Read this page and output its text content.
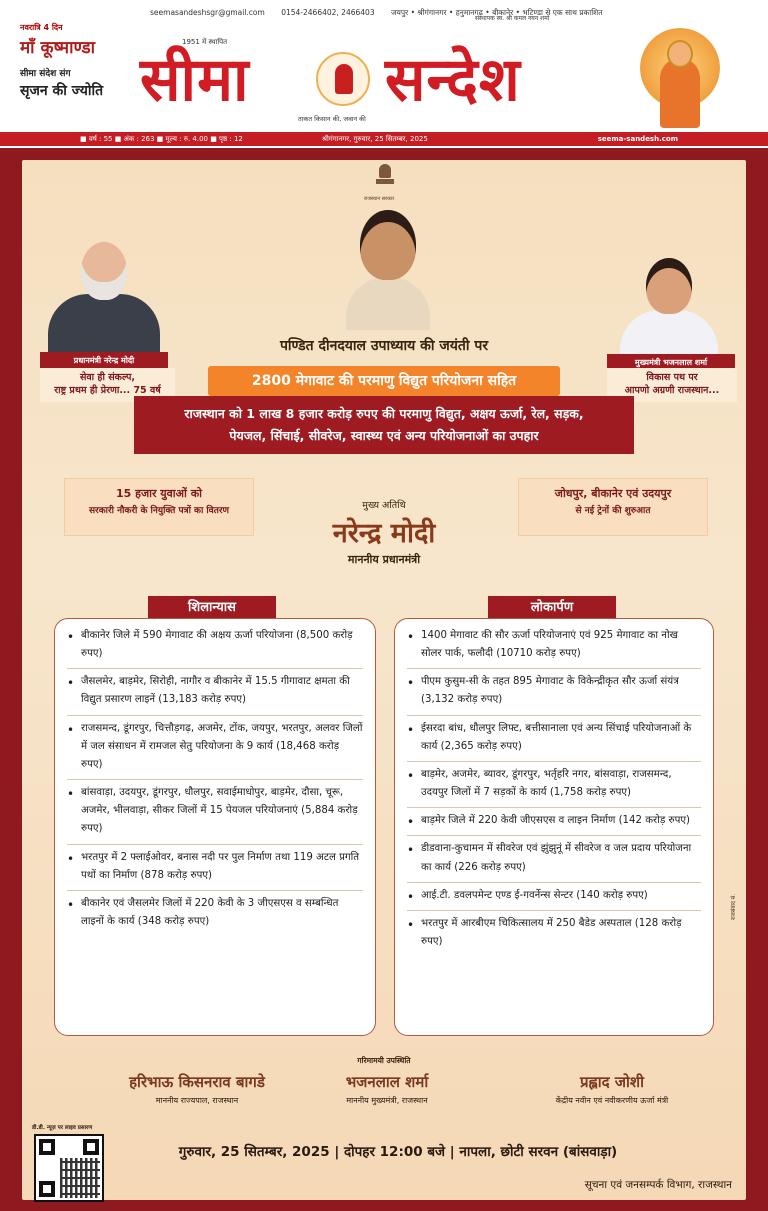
seemasandeshsgr@gmail.com 0154-2466402, 2466403 जयपुर • श्रीगंगानगर • हनुमानगढ़ • बीकानेर • भटिण्डा से एक साथ प्रकाशित
नवरात्रि 4 दिन
माँ कूष्माण्डा
सीमा संदेश संग
सृजन की ज्योति
1951 में स्थापित
सीमा सन्देश
ताकत किसान की, जवान की
संस्थापक स्व. श्री कमल नयन शर्मा
■ वर्ष : 55 ■ अंक : 263 ■ मूल्य : रु. 4.00 ■ पृष्ठ : 12	श्रीगंगानगर, गुरुवार, 25 सितम्बर, 2025	seema-sandesh.com
राजस्थान सरकार
प्रधानमंत्री नरेन्द्र मोदी
सेवा ही संकल्प,
राष्ट्र प्रथम ही प्रेरणा... 75 वर्ष
मुख्यमंत्री भजनलाल शर्मा
विकास पथ पर
आपणो अग्रणी राजस्थान...
पण्डित दीनदयाल उपाध्याय की जयंती पर
2800 मेगावाट की परमाणु विद्युत परियोजना सहित
राजस्थान को 1 लाख 8 हजार करोड़ रुपए की परमाणु विद्युत, अक्षय ऊर्जा, रेल, सड़क,
पेयजल, सिंचाई, सीवरेज, स्वास्थ्य एवं अन्य परियोजनाओं का उपहार
15 हजार युवाओं को
सरकारी नौकरी के नियुक्ति पत्रों का वितरण
जोधपुर, बीकानेर एवं उदयपुर
से नई ट्रेनों की शुरुआत
मुख्य अतिथि
नरेन्द्र मोदी
माननीय प्रधानमंत्री
शिलान्यास	लोकार्पण
• बीकानेर जिले में 590 मेगावाट की अक्षय ऊर्जा परियोजना (8,500 करोड़ रुपए)
• जैसलमेर, बाड़मेर, सिरोही, नागौर व बीकानेर में 15.5 गीगावाट क्षमता की विद्युत प्रसारण लाइनें (13,183 करोड़ रुपए)
• राजसमन्द, डूंगरपुर, चित्तौड़गढ़, अजमेर, टोंक, जयपुर, भरतपुर, अलवर जिलों में जल संसाधन में रामजल सेतु परियोजना के 9 कार्य (18,468 करोड़ रुपए)
• बांसवाड़ा, उदयपुर, डूंगरपुर, धौलपुर, सवाईमाधोपुर, बाड़मेर, दौसा, चूरू, अजमेर, भीलवाड़ा, सीकर जिलों में 15 पेयजल परियोजनाएं (5,884 करोड़ रुपए)
• भरतपुर में 2 फ्लाईओवर, बनास नदी पर पुल निर्माण तथा 119 अटल प्रगति पथों का निर्माण (878 करोड़ रुपए)
• बीकानेर एवं जैसलमेर जिलों में 220 केवी के 3 जीएसएस व सम्बन्धित लाइनों के कार्य (348 करोड़ रुपए)
• 1400 मेगावाट की सौर ऊर्जा परियोजनाएं एवं 925 मेगावाट का नोख सोलर पार्क, फलौदी (10710 करोड़ रुपए)
• पीएम कुसुम-सी के तहत 895 मेगावाट के विकेन्द्रीकृत सौर ऊर्जा संयंत्र (3,132 करोड़ रुपए)
• ईसरदा बांध, धौलपुर लिफ्ट, बत्तीसानाला एवं अन्य सिंचाई परियोजनाओं के कार्य (2,365 करोड़ रुपए)
• बाड़मेर, अजमेर, ब्यावर, डूंगरपुर, भर्तृहरि नगर, बांसवाड़ा, राजसमन्द, उदयपुर जिलों में 7 सड़कों के कार्य (1,758 करोड़ रुपए)
• बाड़मेर जिले में 220 केवी जीएसएस व लाइन निर्माण (142 करोड़ रुपए)
• डीडवाना-कुचामन में सीवरेज एवं झुंझुनूं में सीवरेज व जल प्रदाय परियोजना का कार्य (226 करोड़ रुपए)
• आई.टी. डवलपमेन्ट एण्ड ई-गवर्नेन्स सेन्टर (140 करोड़ रुपए)
• भरतपुर में आरबीएम चिकित्सालय में 250 बैडेड अस्पताल (128 करोड़ रुपए)
राजसंवाद सं.
गरिमामयी उपस्थिति
हरिभाऊ किसनराव बागडे
माननीय राज्यपाल, राजस्थान
भजनलाल शर्मा
माननीय मुख्यमंत्री, राजस्थान
प्रह्लाद जोशी
केंद्रीय नवीन एवं नवीकरणीय ऊर्जा मंत्री
डी.डी. न्यूज़ पर लाइव प्रसारण
गुरुवार, 25 सितम्बर, 2025 | दोपहर 12:00 बजे | नापला, छोटी सरवन (बांसवाड़ा)
सूचना एवं जनसम्पर्क विभाग, राजस्थान
